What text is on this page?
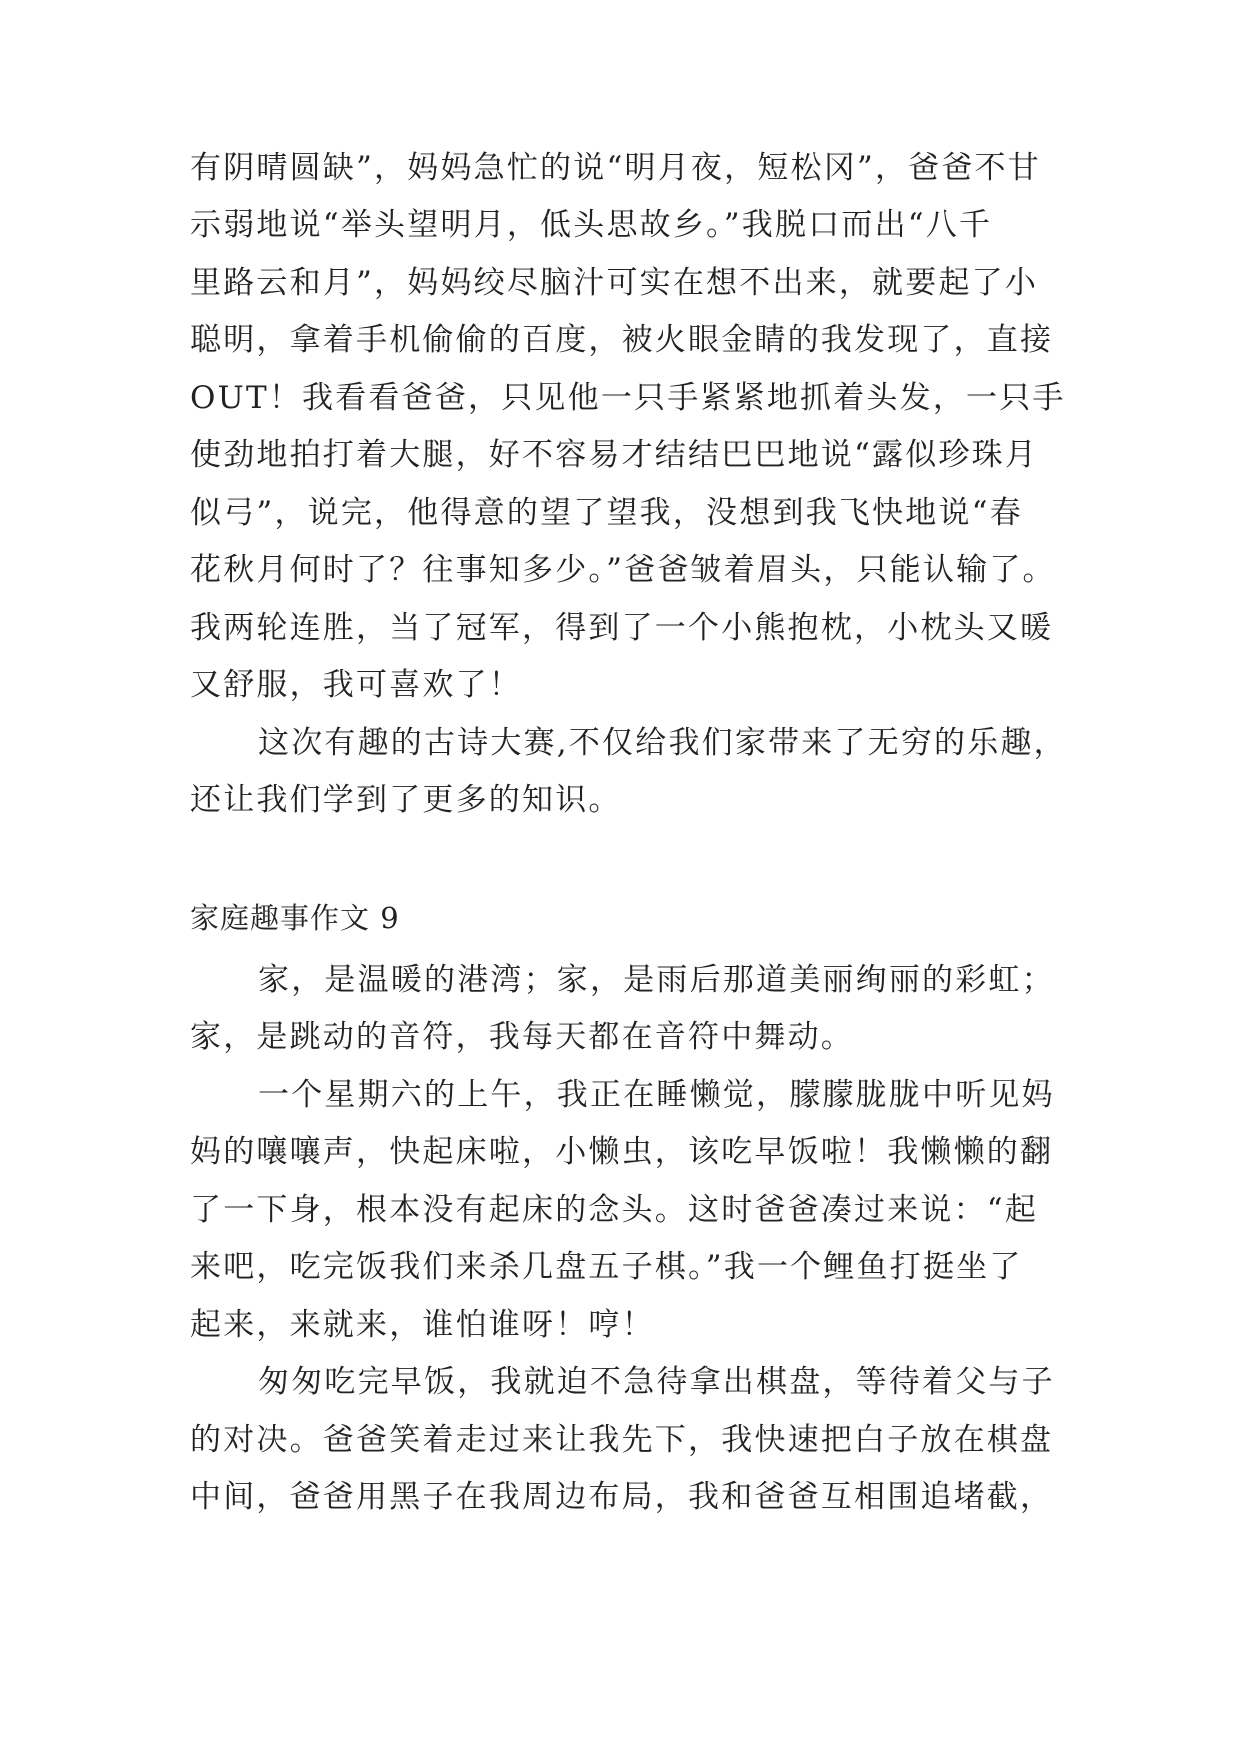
有阴晴圆缺”，妈妈急忙的说“明月夜，短松冈”，爸爸不甘
示弱地说“举头望明月，低头思故乡。”我脱口而出“八千
里路云和月”，妈妈绞尽脑汁可实在想不出来，就要起了小
聪明，拿着手机偷偷的百度，被火眼金睛的我发现了，直接
OUT！我看看爸爸，只见他一只手紧紧地抓着头发，一只手
使劲地拍打着大腿，好不容易才结结巴巴地说“露似珍珠月
似弓”，说完，他得意的望了望我，没想到我飞快地说“春
花秋月何时了？往事知多少。”爸爸皱着眉头，只能认输了。
我两轮连胜，当了冠军，得到了一个小熊抱枕，小枕头又暖
又舒服，我可喜欢了！
这次有趣的古诗大赛,不仅给我们家带来了无穷的乐趣，
还让我们学到了更多的知识。
家庭趣事作文 9
家，是温暖的港湾；家，是雨后那道美丽绚丽的彩虹；
家，是跳动的音符，我每天都在音符中舞动。
一个星期六的上午，我正在睡懒觉，朦朦胧胧中听见妈
妈的嚷嚷声，快起床啦，小懒虫，该吃早饭啦！我懒懒的翻
了一下身，根本没有起床的念头。这时爸爸凑过来说：“起
来吧，吃完饭我们来杀几盘五子棋。”我一个鲤鱼打挺坐了
起来，来就来，谁怕谁呀！哼！
匆匆吃完早饭，我就迫不急待拿出棋盘，等待着父与子
的对决。爸爸笑着走过来让我先下，我快速把白子放在棋盘
中间，爸爸用黑子在我周边布局，我和爸爸互相围追堵截，
